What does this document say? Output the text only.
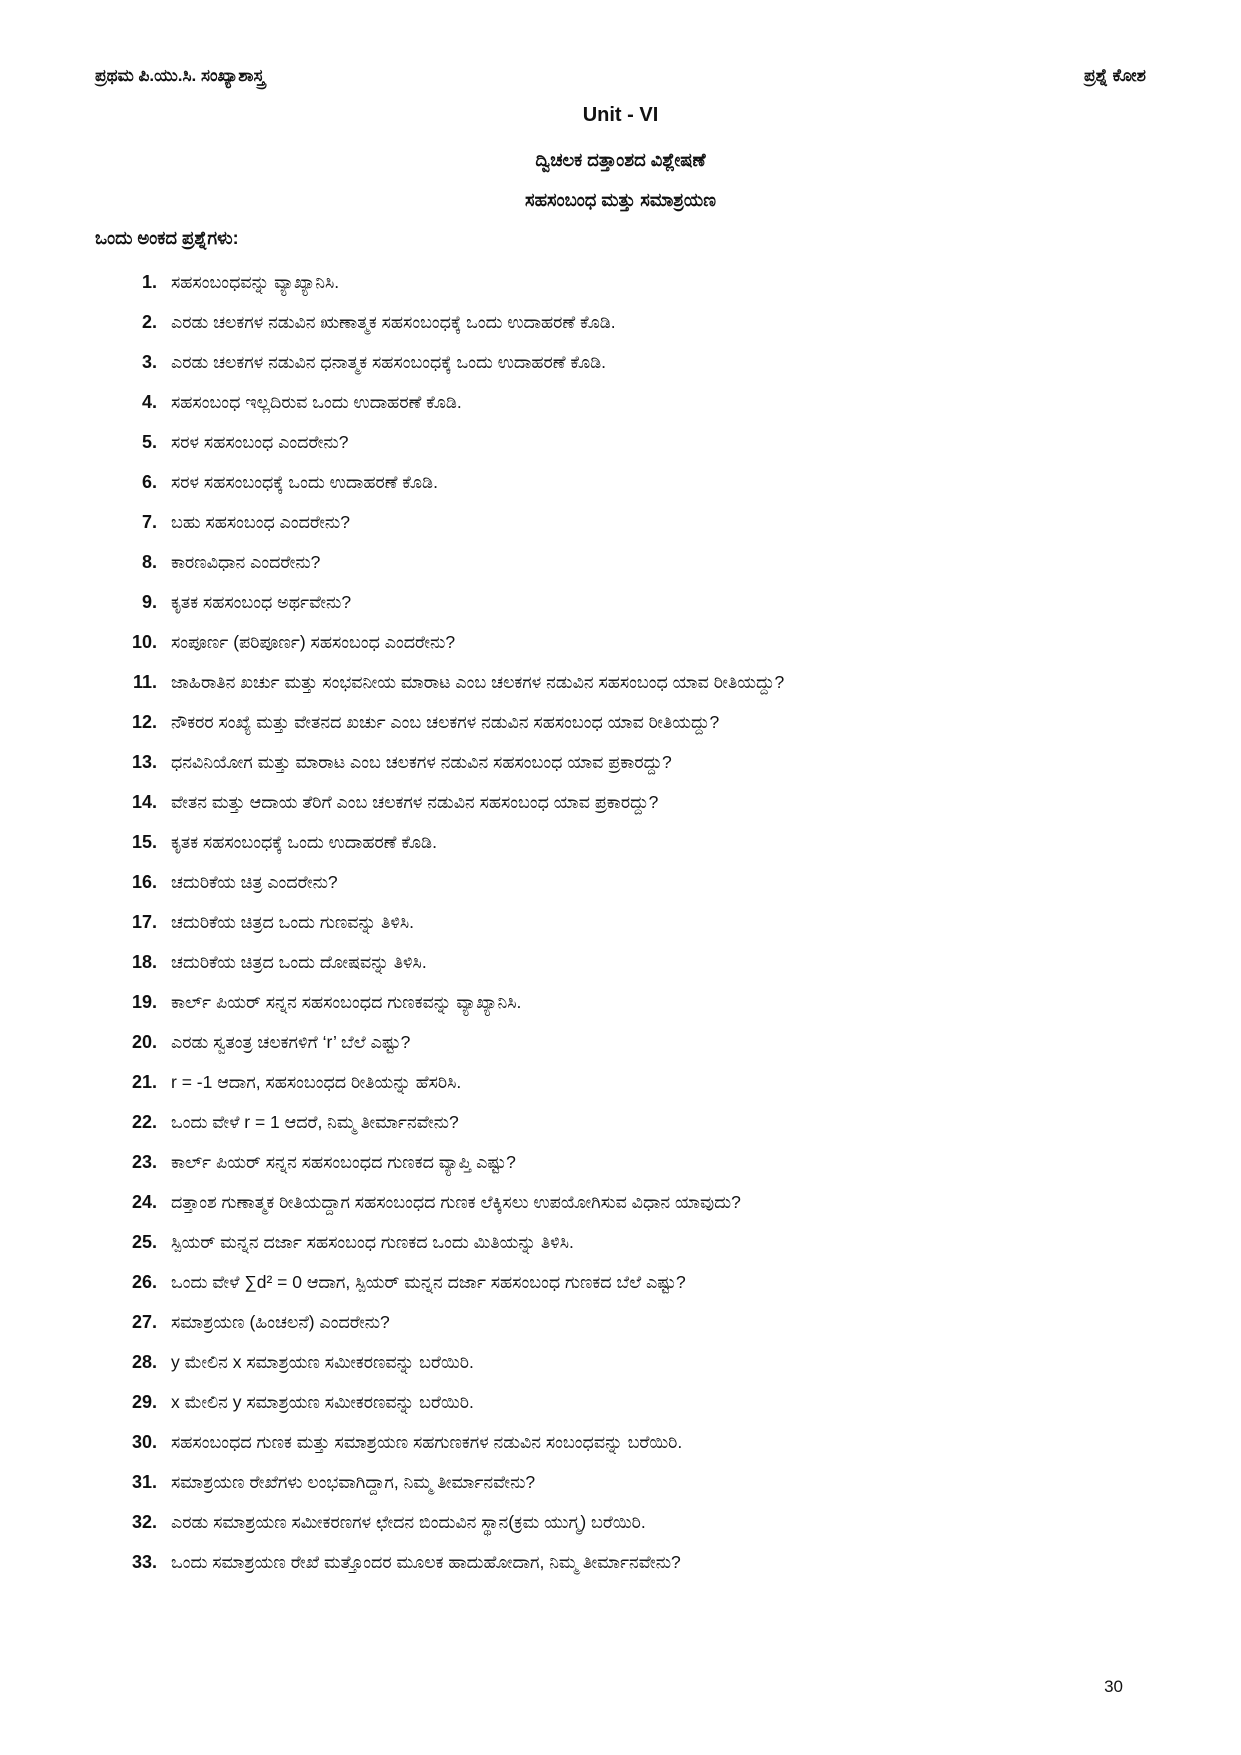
ಪ್ರಥಮ ಪಿ.ಯು.ಸಿ. ಸಂಖ್ಯಾಶಾಸ್ತ್ರ	ಪ್ರಶ್ನೆ ಕೋಶ
Unit - VI
ದ್ವಿಚಲಕ ದತ್ತಾಂಶದ ವಿಶ್ಲೇಷಣೆ
ಸಹಸಂಬಂಧ ಮತ್ತು ಸಮಾಶ್ರಯಣ
ಒಂದು ಅಂಕದ ಪ್ರಶ್ನೆಗಳು:
1. ಸಹಸಂಬಂಧವನ್ನು ವ್ಯಾಖ್ಯಾನಿಸಿ.
2. ಎರಡು ಚಲಕಗಳ ನಡುವಿನ ಋಣಾತ್ಮಕ ಸಹಸಂಬಂಧಕ್ಕೆ ಒಂದು ಉದಾಹರಣೆ ಕೊಡಿ.
3. ಎರಡು ಚಲಕಗಳ ನಡುವಿನ ಧನಾತ್ಮಕ ಸಹಸಂಬಂಧಕ್ಕೆ ಒಂದು ಉದಾಹರಣೆ ಕೊಡಿ.
4. ಸಹಸಂಬಂಧ ಇಲ್ಲದಿರುವ ಒಂದು ಉದಾಹರಣೆ ಕೊಡಿ.
5. ಸರಳ ಸಹಸಂಬಂಧ ಎಂದರೇನು?
6. ಸರಳ ಸಹಸಂಬಂಧಕ್ಕೆ ಒಂದು ಉದಾಹರಣೆ ಕೊಡಿ.
7. ಬಹು ಸಹಸಂಬಂಧ ಎಂದರೇನು?
8. ಕಾರಣವಿಧಾನ ಎಂದರೇನು?
9. ಕೃತಕ ಸಹಸಂಬಂಧ ಅರ್ಥವೇನು?
10. ಸಂಪೂರ್ಣ (ಪರಿಪೂರ್ಣ) ಸಹಸಂಬಂಧ ಎಂದರೇನು?
11. ಜಾಹಿರಾತಿನ ಖರ್ಚು ಮತ್ತು ಸಂಭವನೀಯ ಮಾರಾಟ ಎಂಬ ಚಲಕಗಳ ನಡುವಿನ ಸಹಸಂಬಂಧ ಯಾವ ರೀತಿಯದ್ದು?
12. ನೌಕರರ ಸಂಖ್ಯೆ ಮತ್ತು ವೇತನದ ಖರ್ಚು ಎಂಬ ಚಲಕಗಳ ನಡುವಿನ ಸಹಸಂಬಂಧ ಯಾವ ರೀತಿಯದ್ದು?
13. ಧನವಿನಿಯೋಗ ಮತ್ತು ಮಾರಾಟ ಎಂಬ ಚಲಕಗಳ ನಡುವಿನ ಸಹಸಂಬಂಧ ಯಾವ ಪ್ರಕಾರದ್ದು?
14. ವೇತನ ಮತ್ತು ಆದಾಯ ತೆರಿಗೆ ಎಂಬ ಚಲಕಗಳ ನಡುವಿನ ಸಹಸಂಬಂಧ ಯಾವ ಪ್ರಕಾರದ್ದು?
15. ಕೃತಕ ಸಹಸಂಬಂಧಕ್ಕೆ ಒಂದು ಉದಾಹರಣೆ ಕೊಡಿ.
16. ಚದುರಿಕೆಯ ಚಿತ್ರ ಎಂದರೇನು?
17. ಚದುರಿಕೆಯ ಚಿತ್ರದ ಒಂದು ಗುಣವನ್ನು ತಿಳಿಸಿ.
18. ಚದುರಿಕೆಯ ಚಿತ್ರದ ಒಂದು ದೋಷವನ್ನು ತಿಳಿಸಿ.
19. ಕಾರ್ಲ್ ಪಿಯರ್ ಸನ್ನನ ಸಹಸಂಬಂಧದ ಗುಣಕವನ್ನು ವ್ಯಾಖ್ಯಾನಿಸಿ.
20. ಎರಡು ಸ್ವತಂತ್ರ ಚಲಕಗಳಿಗೆ ‘r’ ಬೆಲೆ ಎಷ್ಟು?
21. r = -1 ಆದಾಗ, ಸಹಸಂಬಂಧದ ರೀತಿಯನ್ನು ಹೆಸರಿಸಿ.
22. ಒಂದು ವೇಳೆ r = 1 ಆದರೆ, ನಿಮ್ಮ ತೀರ್ಮಾನವೇನು?
23. ಕಾರ್ಲ್ ಪಿಯರ್ ಸನ್ನನ ಸಹಸಂಬಂಧದ ಗುಣಕದ ವ್ಯಾಪ್ತಿ ಎಷ್ಟು?
24. ದತ್ತಾಂಶ ಗುಣಾತ್ಮಕ ರೀತಿಯದ್ದಾಗ ಸಹಸಂಬಂಧದ ಗುಣಕ ಲೆಕ್ಕಿಸಲು ಉಪಯೋಗಿಸುವ ವಿಧಾನ ಯಾವುದು?
25. ಸ್ಪಿಯರ್ ಮನ್ನನ ದರ್ಜಾ ಸಹಸಂಬಂಧ ಗುಣಕದ ಒಂದು ಮಿತಿಯನ್ನು ತಿಳಿಸಿ.
26. ಒಂದು ವೇಳೆ ∑d² = 0 ಆದಾಗ, ಸ್ಪಿಯರ್ ಮನ್ನನ ದರ್ಜಾ ಸಹಸಂಬಂಧ ಗುಣಕದ ಬೆಲೆ ಎಷ್ಟು?
27. ಸಮಾಶ್ರಯಣ (ಹಿಂಚಲನೆ) ಎಂದರೇನು?
28. y ಮೇಲಿನ x ಸಮಾಶ್ರಯಣ ಸಮೀಕರಣವನ್ನು ಬರೆಯಿರಿ.
29. x ಮೇಲಿನ y ಸಮಾಶ್ರಯಣ ಸಮೀಕರಣವನ್ನು ಬರೆಯಿರಿ.
30. ಸಹಸಂಬಂಧದ ಗುಣಕ ಮತ್ತು ಸಮಾಶ್ರಯಣ ಸಹಗುಣಕಗಳ ನಡುವಿನ ಸಂಬಂಧವನ್ನು ಬರೆಯಿರಿ.
31. ಸಮಾಶ್ರಯಣ ರೇಖೆಗಳು ಲಂಭವಾಗಿದ್ದಾಗ, ನಿಮ್ಮ ತೀರ್ಮಾನವೇನು?
32. ಎರಡು ಸಮಾಶ್ರಯಣ ಸಮೀಕರಣಗಳ ಛೇದನ ಬಿಂದುವಿನ ಸ್ಥಾನ(ಕ್ರಮ ಯುಗ್ಮ) ಬರೆಯಿರಿ.
33. ಒಂದು ಸಮಾಶ್ರಯಣ ರೇಖೆ ಮತ್ತೊಂದರ ಮೂಲಕ ಹಾದುಹೋದಾಗ, ನಿಮ್ಮ ತೀರ್ಮಾನವೇನು?
30
